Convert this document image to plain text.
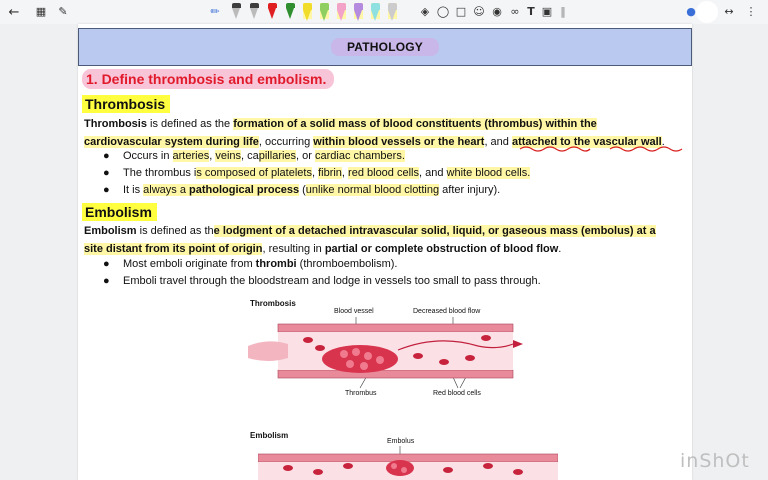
← ▦ ✎	✏	◈ ◯ □ ☺ ◉ ∞ T ▣ ‖	●	↔ ⋮
PATHOLOGY
1. Define thrombosis and embolism.
Thrombosis
Thrombosis is defined as the formation of a solid mass of blood constituents (thrombus) within the
cardiovascular system during life, occurring within blood vessels or the heart, and attached to the vascular wall.
●	Occurs in arteries, veins, capillaries, or cardiac chambers.
●	The thrombus is composed of platelets, fibrin, red blood cells, and white blood cells.
●	It is always a pathological process (unlike normal blood clotting after injury).
Embolism
Embolism is defined as the lodgment of a detached intravascular solid, liquid, or gaseous mass (embolus) at a
site distant from its point of origin, resulting in partial or complete obstruction of blood flow.
●	Most emboli originate from thrombi (thromboembolism).
●	Emboli travel through the bloodstream and lodge in vessels too small to pass through.
Thrombosis
Blood vessel	Decreased blood flow
Thrombus	Red blood cells
Embolism
Embolus
inShOt
